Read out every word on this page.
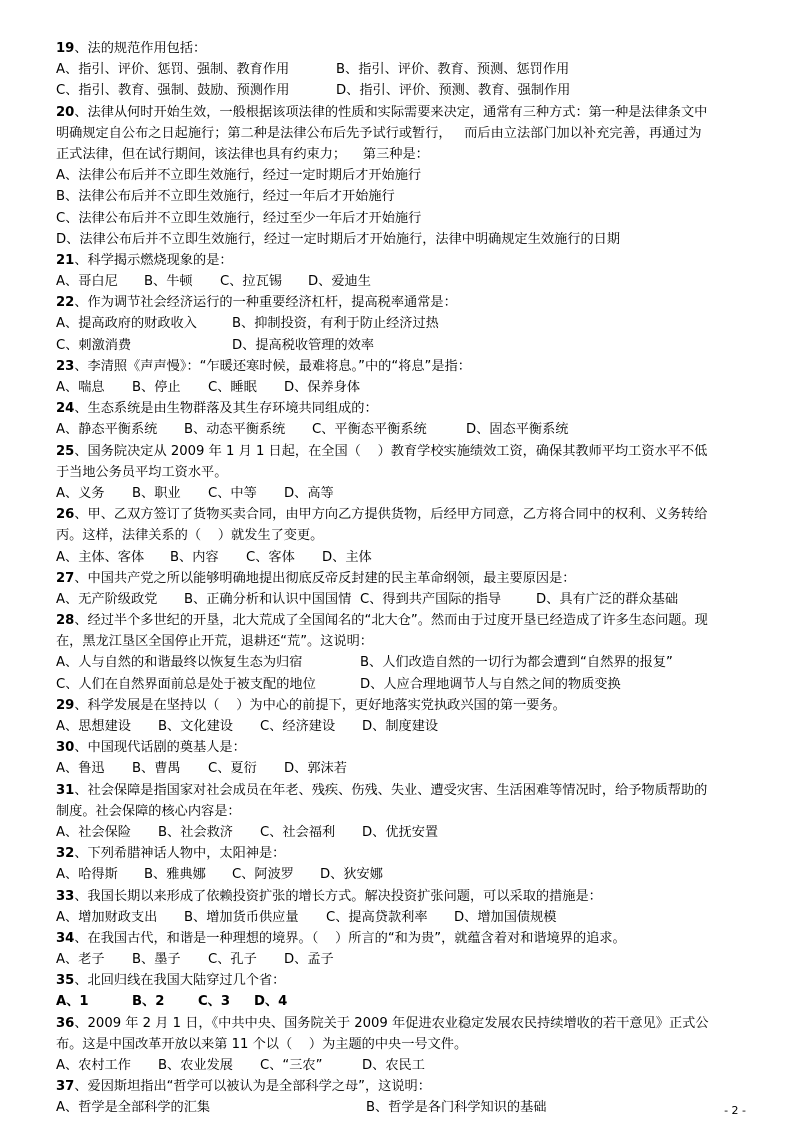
19、法的规范作用包括：
A、指引、评价、惩罚、强制、教育作用	B、指引、评价、教育、预测、惩罚作用
C、指引、教育、强制、鼓励、预测作用	D、指引、评价、预测、教育、强制作用
20、法律从何时开始生效，一般根据该项法律的性质和实际需要来决定，通常有三种方式：第一种是法律条文中
明确规定自公布之日起施行；第二种是法律公布后先予试行或暂行，   而后由立法部门加以补充完善，再通过为
正式法律，但在试行期间，该法律也具有约束力；    第三种是：
A、法律公布后并不立即生效施行，经过一定时期后才开始施行
B、法律公布后并不立即生效施行，经过一年后才开始施行
C、法律公布后并不立即生效施行，经过至少一年后才开始施行
D、法律公布后并不立即生效施行，经过一定时期后才开始施行，法律中明确规定生效施行的日期
21、科学揭示燃烧现象的是：
A、哥白尼 B、牛顿 C、拉瓦锡 D、爱迪生
22、作为调节社会经济运行的一种重要经济杠杆，提高税率通常是：
A、提高政府的财政收入	B、抑制投资，有利于防止经济过热
C、刺激消费	D、提高税收管理的效率
23、李清照《声声慢》：“乍暖还寒时候，最难将息。”中的“将息”是指：
A、喘息 B、停止 C、睡眠 D、保养身体
24、生态系统是由生物群落及其生存环境共同组成的：
A、静态平衡系统 B、动态平衡系统 C、平衡态平衡系统	D、固态平衡系统
25、国务院决定从 2009 年 1 月 1 日起，在全国（    ）教育学校实施绩效工资，确保其教师平均工资水平不低
于当地公务员平均工资水平。
A、义务 B、职业 C、中等 D、高等
26、甲、乙双方签订了货物买卖合同，由甲方向乙方提供货物，后经甲方同意，乙方将合同中的权利、义务转给
丙。这样，法律关系的（    ）就发生了变更。
A、主体、客体 B、内容 C、客体 D、主体
27、中国共产党之所以能够明确地提出彻底反帝反封建的民主革命纲领，最主要原因是：
A、无产阶级政党 B、正确分析和认识中国国情 C、得到共产国际的指导	D、具有广泛的群众基础
28、经过半个多世纪的开垦，北大荒成了全国闻名的“北大仓”。然而由于过度开垦已经造成了许多生态问题。现
在，黑龙江垦区全国停止开荒，退耕还“荒”。这说明：
A、人与自然的和谐最终以恢复生态为归宿	B、人们改造自然的一切行为都会遭到“自然界的报复”
C、人们在自然界面前总是处于被支配的地位	D、人应合理地调节人与自然之间的物质变换
29、科学发展是在坚持以（    ）为中心的前提下，更好地落实党执政兴国的第一要务。
A、思想建设 B、文化建设 C、经济建设 D、制度建设
30、中国现代话剧的奠基人是：
A、鲁迅 B、曹禺 C、夏衍 D、郭沫若
31、社会保障是指国家对社会成员在年老、残疾、伤残、失业、遭受灾害、生活困难等情况时，给予物质帮助的
制度。社会保障的核心内容是：
A、社会保险 B、社会救济 C、社会福利 D、优抚安置
32、下列希腊神话人物中，太阳神是：
A、哈得斯 B、雅典娜 C、阿波罗 D、狄安娜
33、我国长期以来形成了依赖投资扩张的增长方式。解决投资扩张问题，可以采取的措施是：
A、增加财政支出 B、增加货币供应量 C、提高贷款利率 D、增加国债规模
34、在我国古代，和谐是一种理想的境界。（    ）所言的“和为贵”，就蕴含着对和谐境界的追求。
A、老子 B、墨子 C、孔子 D、孟子
35、北回归线在我国大陆穿过几个省：
A、1	B、2	C、3 D、4
36、2009 年 2 月 1 日，《中共中央、国务院关于 2009 年促进农业稳定发展农民持续增收的若干意见》正式公
布。这是中国改革开放以来第 11 个以（    ）为主题的中央一号文件。
A、农村工作 B、农业发展 C、“三农”	D、农民工
37、爱因斯坦指出“哲学可以被认为是全部科学之母”，这说明：
A、哲学是全部科学的汇集	B、哲学是各门科学知识的基础	- 2 -
